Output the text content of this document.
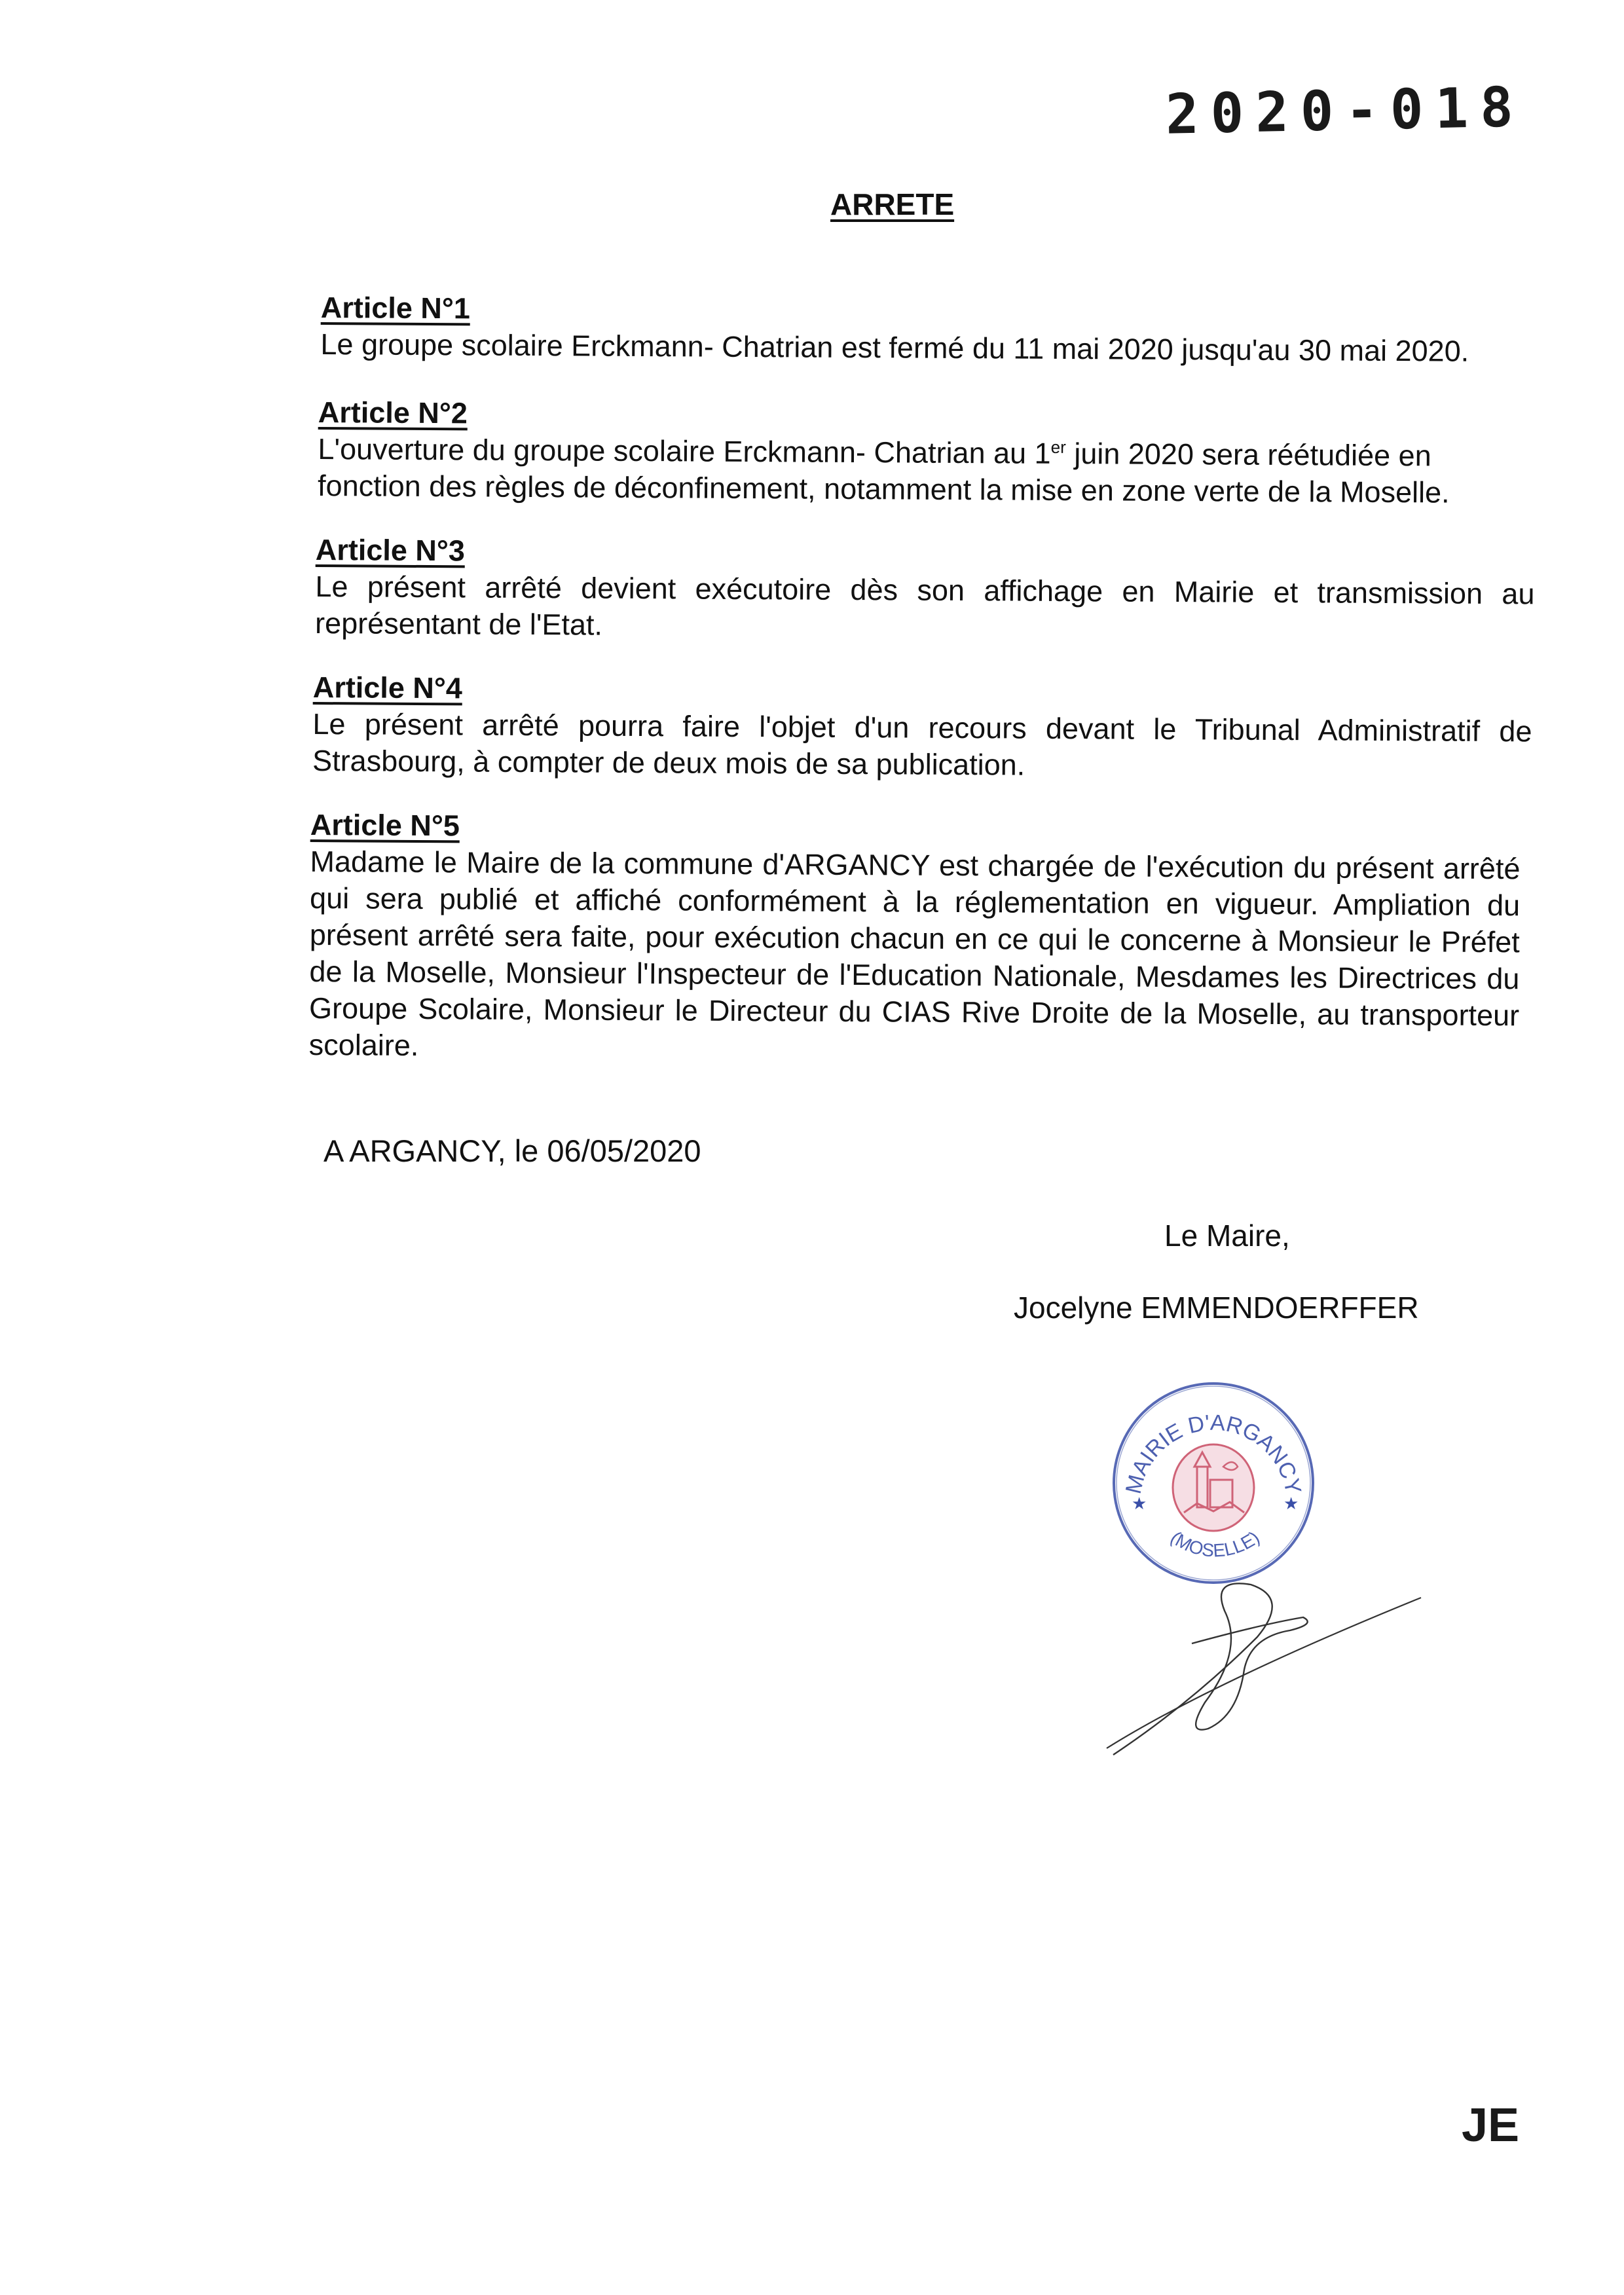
2020-018
ARRETE
Article N°1
Le groupe scolaire Erckmann- Chatrian est fermé du 11 mai 2020 jusqu'au 30 mai 2020.
Article N°2
L'ouverture du groupe scolaire Erckmann- Chatrian au 1er juin 2020 sera réétudiée en fonction des règles de déconfinement, notamment la mise en zone verte de la Moselle.
Article N°3
Le présent arrêté devient exécutoire dès son affichage en Mairie et transmission au représentant de l'Etat.
Article N°4
Le présent arrêté pourra faire l'objet d'un recours devant le Tribunal Administratif de Strasbourg, à compter de deux mois de sa publication.
Article N°5
Madame le Maire de la commune d'ARGANCY est chargée de l'exécution du présent arrêté qui sera publié et affiché conformément à la réglementation en vigueur. Ampliation du présent arrêté sera faite, pour exécution chacun en ce qui le concerne à Monsieur le Préfet de la Moselle, Monsieur l'Inspecteur de l'Education Nationale, Mesdames les Directrices du Groupe Scolaire, Monsieur le Directeur du CIAS Rive Droite de la Moselle, au transporteur scolaire.
A ARGANCY, le 06/05/2020
Le Maire,
Jocelyne EMMENDOERFFER
MAIRIE D'ARGANCY
(MOSELLE)
★	★
JE
